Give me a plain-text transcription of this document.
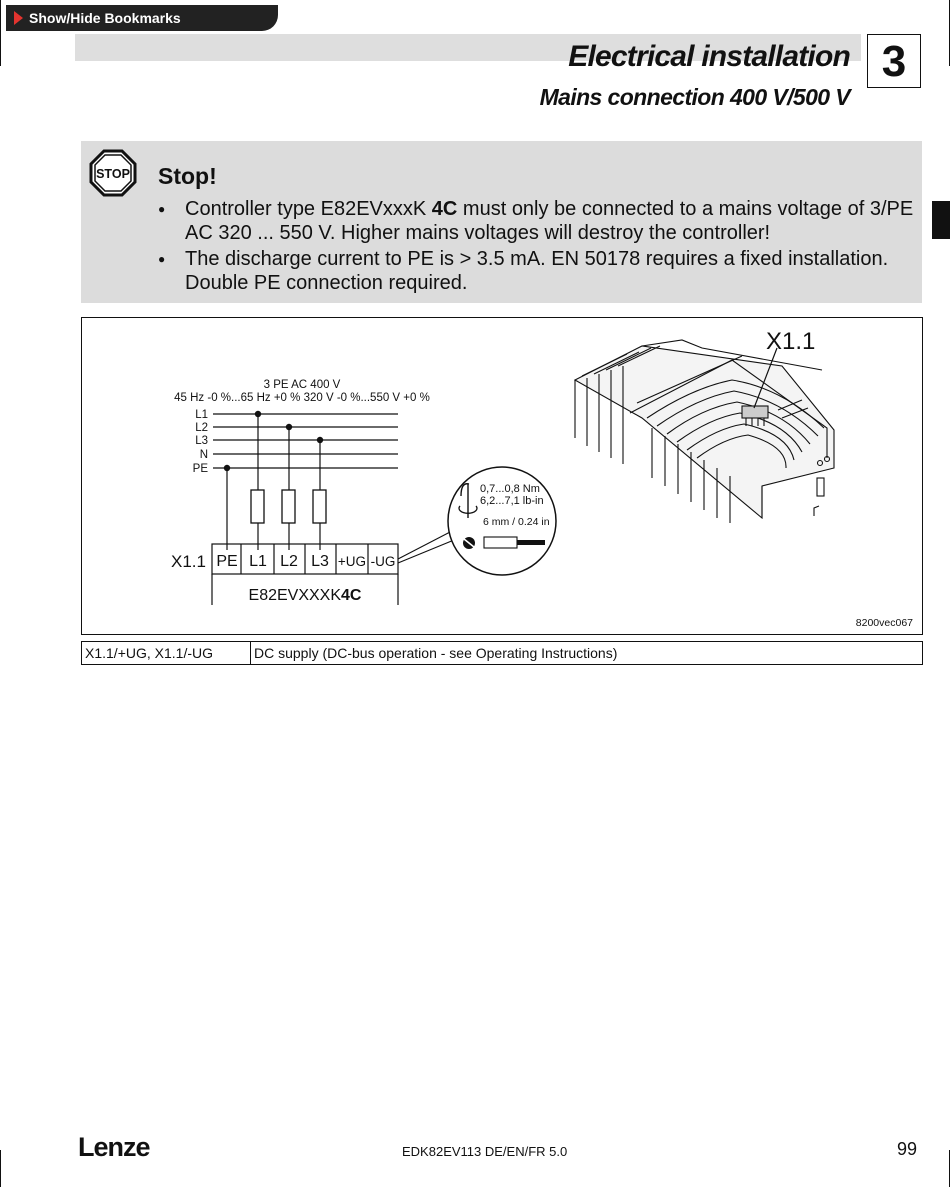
Show/Hide Bookmarks
Electrical installation
Mains connection 400 V/500 V
3
STOP Stop!
● Controller type E82EVxxxK 4C must only be connected to a mains voltage of 3/PE AC 320 ... 550 V. Higher mains voltages will destroy the controller!
● The discharge current to PE is > 3.5 mA. EN 50178 requires a fixed installation. Double PE connection required.
3 PE AC 400 V
45 Hz -0 %...65 Hz +0 % 320 V -0 %...550 V +0 %
L1
L2
L3
N
PE
X1.1 PE L1 L2 L3 +UG -UG
E82EVXXXK4C
0,7...0,8 Nm
6,2...7,1 lb-in
6 mm / 0.24 in
X1.1
8200vec067
X1.1/+UG, X1.1/-UG	DC supply (DC-bus operation - see Operating Instructions)
Lenze	EDK82EV113 DE/EN/FR 5.0	99
